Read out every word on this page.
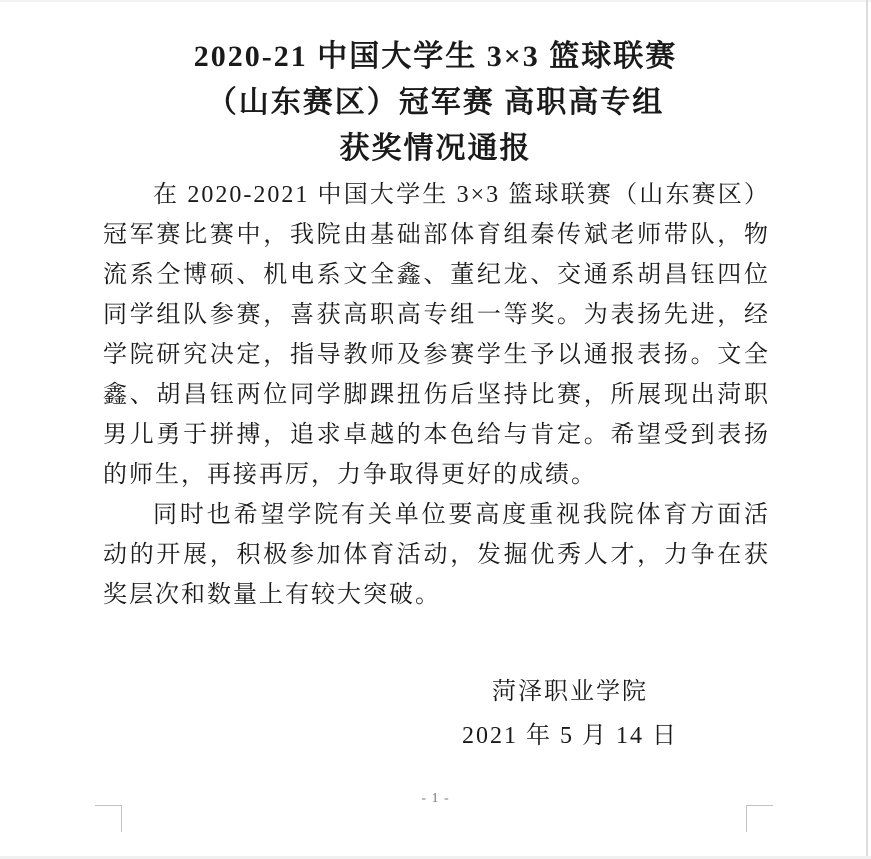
2020-21 中国大学生 3×3 篮球联赛
（山东赛区）冠军赛 高职高专组
获奖情况通报
在 2020-2021 中国大学生 3×3 篮球联赛（山东赛区）
冠军赛比赛中，我院由基础部体育组秦传斌老师带队，物
流系仝博硕、机电系文全鑫、董纪龙、交通系胡昌钰四位
同学组队参赛，喜获高职高专组一等奖。为表扬先进，经
学院研究决定，指导教师及参赛学生予以通报表扬。文全
鑫、胡昌钰两位同学脚踝扭伤后坚持比赛，所展现出菏职
男儿勇于拼搏，追求卓越的本色给与肯定。希望受到表扬
的师生，再接再厉，力争取得更好的成绩。
同时也希望学院有关单位要高度重视我院体育方面活
动的开展，积极参加体育活动，发掘优秀人才，力争在获
奖层次和数量上有较大突破。
菏泽职业学院
2021 年 5 月 14 日
- 1 -
